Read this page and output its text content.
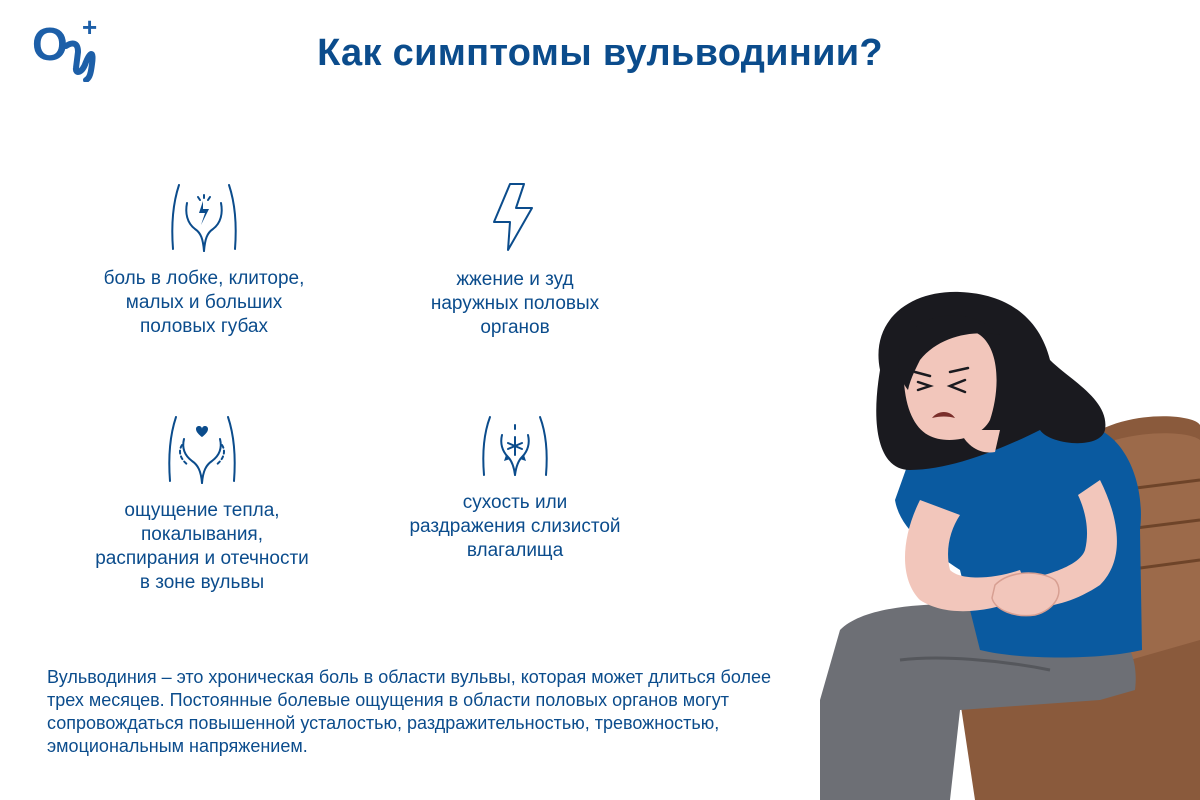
О +
Как симптомы вульводинии?
боль в лобке, клиторе,
малых и больших
половых губах
жжение и зуд
наружных половых
органов
ощущение тепла,
покалывания,
распирания и отечности
в зоне вульвы
сухость или
раздражения слизистой
влагалища
Вульводиния – это хроническая боль в области вульвы, которая может длиться более трех месяцев. Постоянные болевые ощущения в области половых органов могут сопровождаться повышенной усталостью, раздражительностью, тревожностью, эмоциональным напряжением.
